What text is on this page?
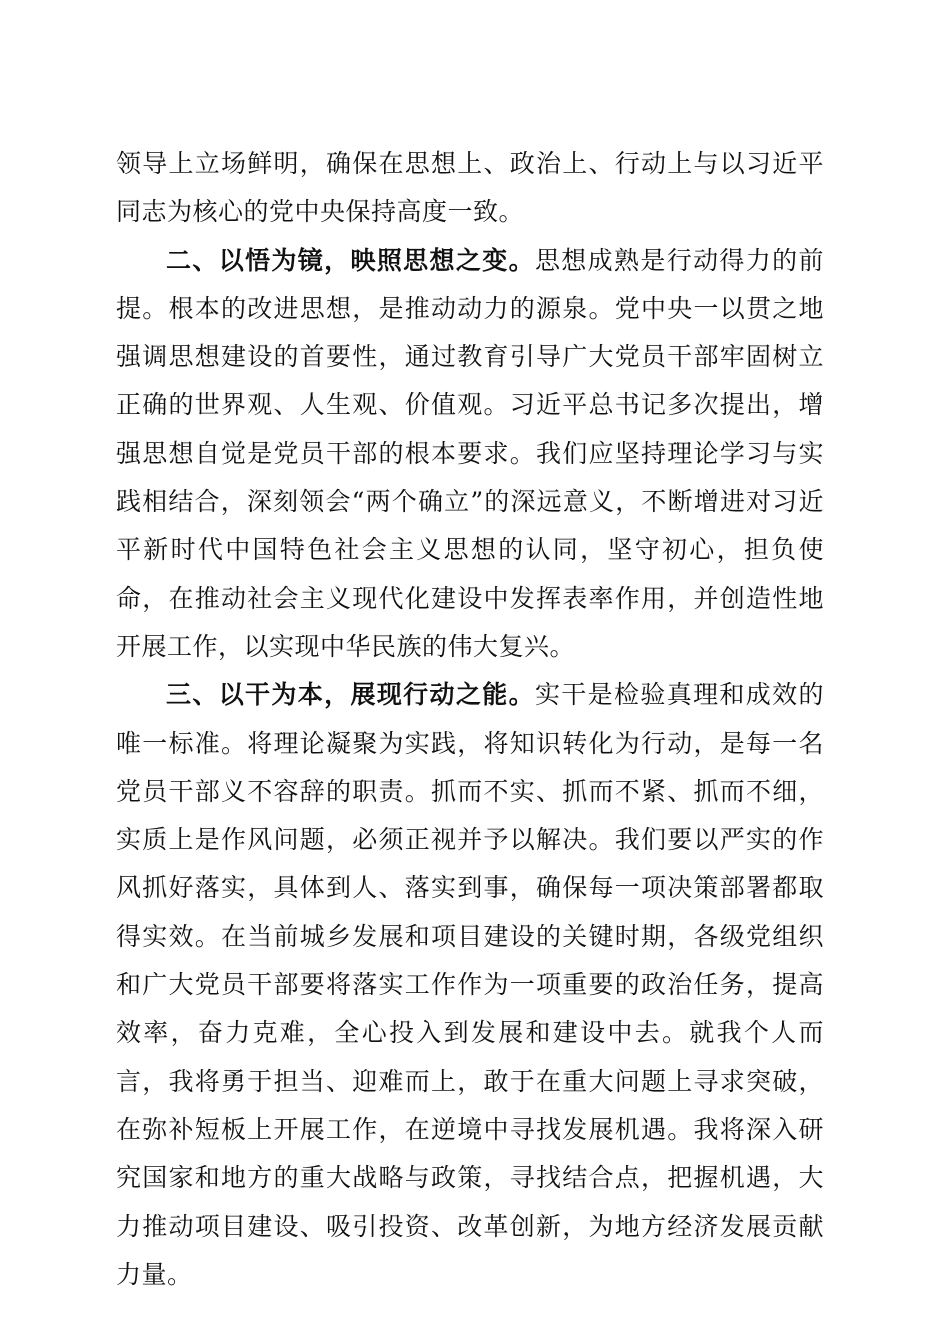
领导上立场鲜明，确保在思想上、政治上、行动上与以习近平同志为核心的党中央保持高度一致。

二、以悟为镜，映照思想之变。思想成熟是行动得力的前提。根本的改进思想，是推动动力的源泉。党中央一以贯之地强调思想建设的首要性，通过教育引导广大党员干部牢固树立正确的世界观、人生观、价值观。习近平总书记多次提出，增强思想自觉是党员干部的根本要求。我们应坚持理论学习与实践相结合，深刻领会“两个确立”的深远意义，不断增进对习近平新时代中国特色社会主义思想的认同，坚守初心，担负使命，在推动社会主义现代化建设中发挥表率作用，并创造性地开展工作，以实现中华民族的伟大复兴。

三、以干为本，展现行动之能。实干是检验真理和成效的唯一标准。将理论凝聚为实践，将知识转化为行动，是每一名党员干部义不容辞的职责。抓而不实、抓而不紧、抓而不细，实质上是作风问题，必须正视并予以解决。我们要以严实的作风抓好落实，具体到人、落实到事，确保每一项决策部署都取得实效。在当前城乡发展和项目建设的关键时期，各级党组织和广大党员干部要将落实工作作为一项重要的政治任务，提高效率，奋力克难，全心投入到发展和建设中去。就我个人而言，我将勇于担当、迎难而上，敢于在重大问题上寻求突破，在弥补短板上开展工作，在逆境中寻找发展机遇。我将深入研究国家和地方的重大战略与政策，寻找结合点，把握机遇，大力推动项目建设、吸引投资、改革创新，为地方经济发展贡献力量。
